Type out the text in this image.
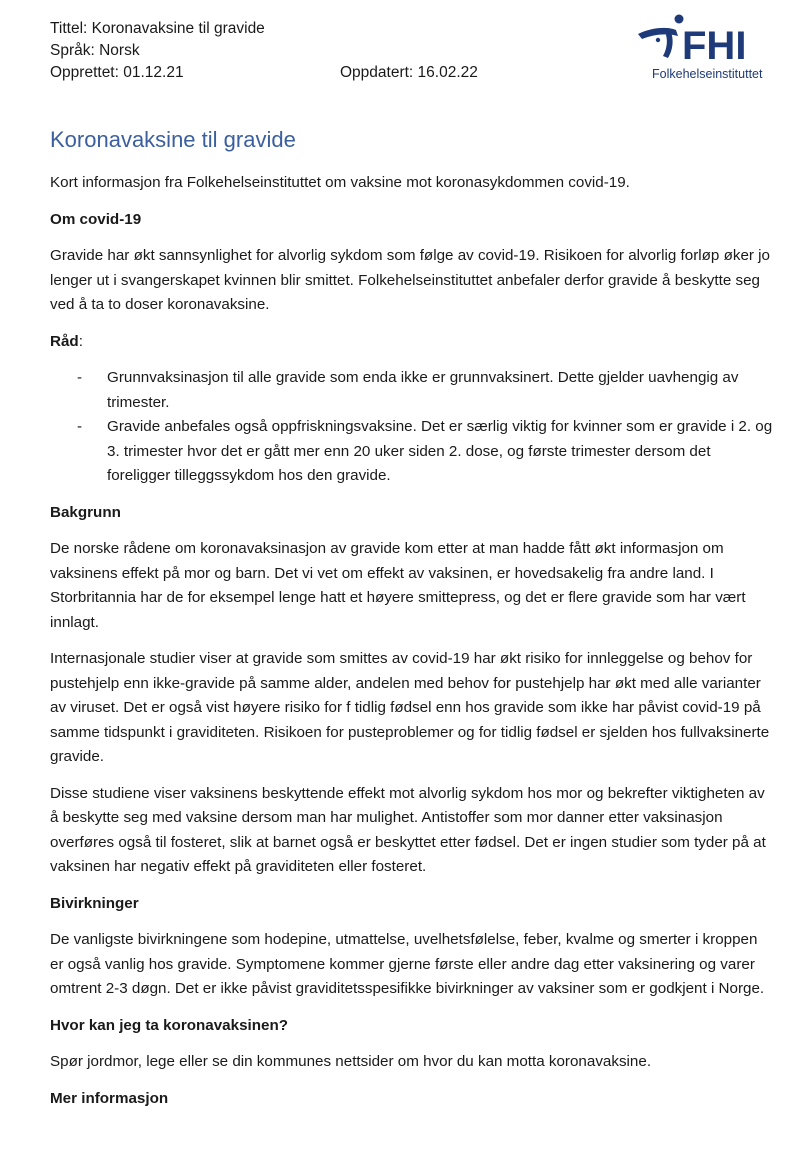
Tittel: Koronavaksine til gravide
Språk: Norsk
Opprettet: 01.12.21	Oppdatert: 16.02.22
FHI
Folkehelseinstituttet
Koronavaksine til gravide

Kort informasjon fra Folkehelseinstituttet om vaksine mot koronasykdommen covid-19.

Om covid-19

Gravide har økt sannsynlighet for alvorlig sykdom som følge av covid-19. Risikoen for alvorlig forløp øker jo lenger ut i svangerskapet kvinnen blir smittet. Folkehelseinstituttet anbefaler derfor gravide å beskytte seg ved å ta to doser koronavaksine.

Råd:

- Grunnvaksinasjon til alle gravide som enda ikke er grunnvaksinert. Dette gjelder uavhengig av trimester.
- Gravide anbefales også oppfriskningsvaksine. Det er særlig viktig for kvinner som er gravide i 2. og 3. trimester hvor det er gått mer enn 20 uker siden 2. dose, og første trimester dersom det foreligger tilleggssykdom hos den gravide.

Bakgrunn

De norske rådene om koronavaksinasjon av gravide kom etter at man hadde fått økt informasjon om vaksinens effekt på mor og barn. Det vi vet om effekt av vaksinen, er hovedsakelig fra andre land. I Storbritannia har de for eksempel lenge hatt et høyere smittepress, og det er flere gravide som har vært innlagt.

Internasjonale studier viser at gravide som smittes av covid-19 har økt risiko for innleggelse og behov for pustehjelp enn ikke-gravide på samme alder, andelen med behov for pustehjelp har økt med alle varianter av viruset. Det er også vist høyere risiko for f tidlig fødsel enn hos gravide som ikke har påvist covid-19 på samme tidspunkt i graviditeten. Risikoen for pusteproblemer og for tidlig fødsel er sjelden hos fullvaksinerte gravide.

Disse studiene viser vaksinens beskyttende effekt mot alvorlig sykdom hos mor og bekrefter viktigheten av å beskytte seg med vaksine dersom man har mulighet. Antistoffer som mor danner etter vaksinasjon overføres også til fosteret, slik at barnet også er beskyttet etter fødsel. Det er ingen studier som tyder på at vaksinen har negativ effekt på graviditeten eller fosteret.

Bivirkninger

De vanligste bivirkningene som hodepine, utmattelse, uvelhetsfølelse, feber, kvalme og smerter i kroppen er også vanlig hos gravide. Symptomene kommer gjerne første eller andre dag etter vaksinering og varer omtrent 2-3 døgn. Det er ikke påvist graviditetsspesifikke bivirkninger av vaksiner som er godkjent i Norge.

Hvor kan jeg ta koronavaksinen?

Spør jordmor, lege eller se din kommunes nettsider om hvor du kan motta koronavaksine.

Mer informasjon
